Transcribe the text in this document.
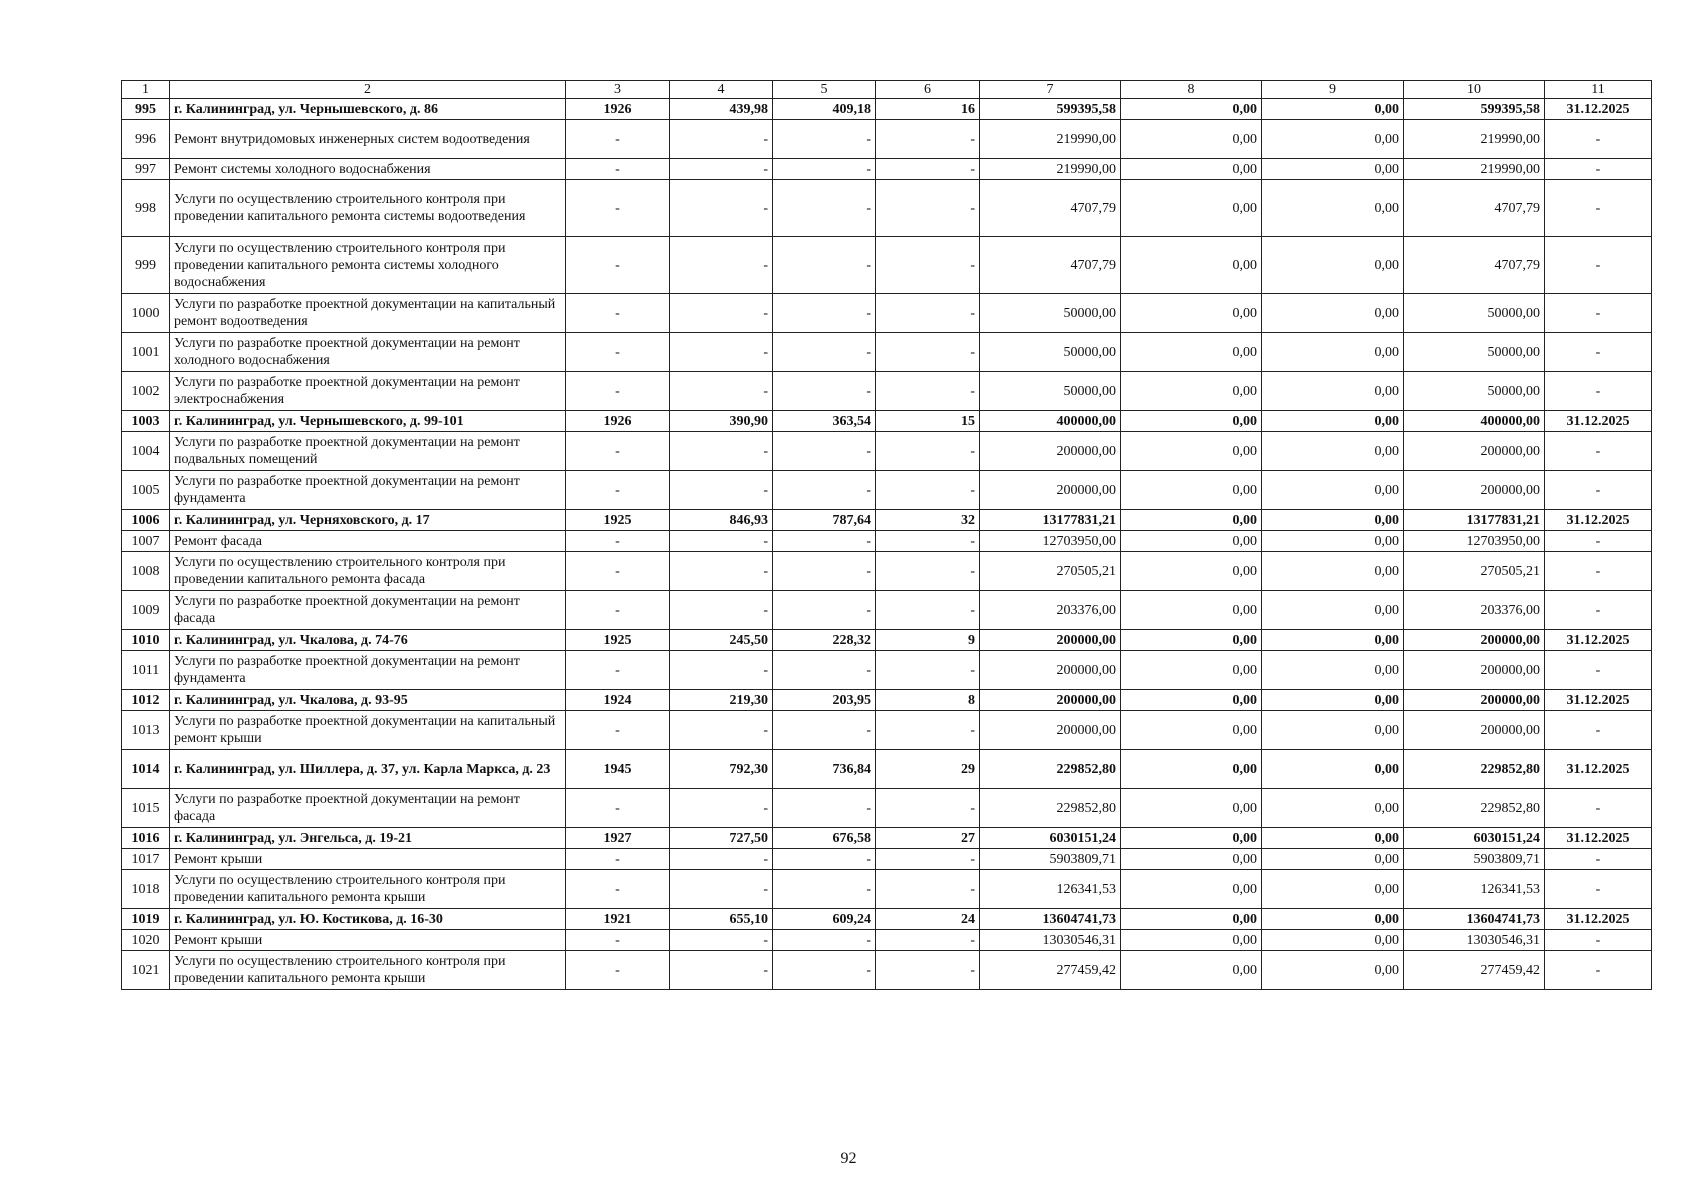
1	2	3	4	5	6	7	8	9	10	11
995	г. Калининград, ул. Чернышевского, д. 86	1926	439,98	409,18	16	599395,58	0,00	0,00	599395,58	31.12.2025
996	Ремонт внутридомовых инженерных систем водоотведения	-	-	-	-	219990,00	0,00	0,00	219990,00	-
997	Ремонт системы холодного водоснабжения	-	-	-	-	219990,00	0,00	0,00	219990,00	-
998	Услуги по осуществлению строительного контроля при проведении капитального ремонта системы водоотведения	-	-	-	-	4707,79	0,00	0,00	4707,79	-
999	Услуги по осуществлению строительного контроля при проведении капитального ремонта системы холодного водоснабжения	-	-	-	-	4707,79	0,00	0,00	4707,79	-
1000	Услуги по разработке проектной документации на капитальный ремонт водоотведения	-	-	-	-	50000,00	0,00	0,00	50000,00	-
1001	Услуги по разработке проектной документации на ремонт холодного водоснабжения	-	-	-	-	50000,00	0,00	0,00	50000,00	-
1002	Услуги по разработке проектной документации на ремонт электроснабжения	-	-	-	-	50000,00	0,00	0,00	50000,00	-
1003	г. Калининград, ул. Чернышевского, д. 99-101	1926	390,90	363,54	15	400000,00	0,00	0,00	400000,00	31.12.2025
1004	Услуги по разработке проектной документации на ремонт подвальных помещений	-	-	-	-	200000,00	0,00	0,00	200000,00	-
1005	Услуги по разработке проектной документации на ремонт фундамента	-	-	-	-	200000,00	0,00	0,00	200000,00	-
1006	г. Калининград, ул. Черняховского, д. 17	1925	846,93	787,64	32	13177831,21	0,00	0,00	13177831,21	31.12.2025
1007	Ремонт фасада	-	-	-	-	12703950,00	0,00	0,00	12703950,00	-
1008	Услуги по осуществлению строительного контроля при проведении капитального ремонта фасада	-	-	-	-	270505,21	0,00	0,00	270505,21	-
1009	Услуги по разработке проектной документации на ремонт фасада	-	-	-	-	203376,00	0,00	0,00	203376,00	-
1010	г. Калининград, ул. Чкалова, д. 74-76	1925	245,50	228,32	9	200000,00	0,00	0,00	200000,00	31.12.2025
1011	Услуги по разработке проектной документации на ремонт фундамента	-	-	-	-	200000,00	0,00	0,00	200000,00	-
1012	г. Калининград, ул. Чкалова, д. 93-95	1924	219,30	203,95	8	200000,00	0,00	0,00	200000,00	31.12.2025
1013	Услуги по разработке проектной документации на капитальный ремонт крыши	-	-	-	-	200000,00	0,00	0,00	200000,00	-
1014	г. Калининград, ул. Шиллера, д. 37, ул. Карла Маркса, д. 23	1945	792,30	736,84	29	229852,80	0,00	0,00	229852,80	31.12.2025
1015	Услуги по разработке проектной документации на ремонт фасада	-	-	-	-	229852,80	0,00	0,00	229852,80	-
1016	г. Калининград, ул. Энгельса, д. 19-21	1927	727,50	676,58	27	6030151,24	0,00	0,00	6030151,24	31.12.2025
1017	Ремонт крыши	-	-	-	-	5903809,71	0,00	0,00	5903809,71	-
1018	Услуги по осуществлению строительного контроля при проведении капитального ремонта крыши	-	-	-	-	126341,53	0,00	0,00	126341,53	-
1019	г. Калининград, ул. Ю. Костикова, д. 16-30	1921	655,10	609,24	24	13604741,73	0,00	0,00	13604741,73	31.12.2025
1020	Ремонт крыши	-	-	-	-	13030546,31	0,00	0,00	13030546,31	-
1021	Услуги по осуществлению строительного контроля при проведении капитального ремонта крыши	-	-	-	-	277459,42	0,00	0,00	277459,42	-
92
